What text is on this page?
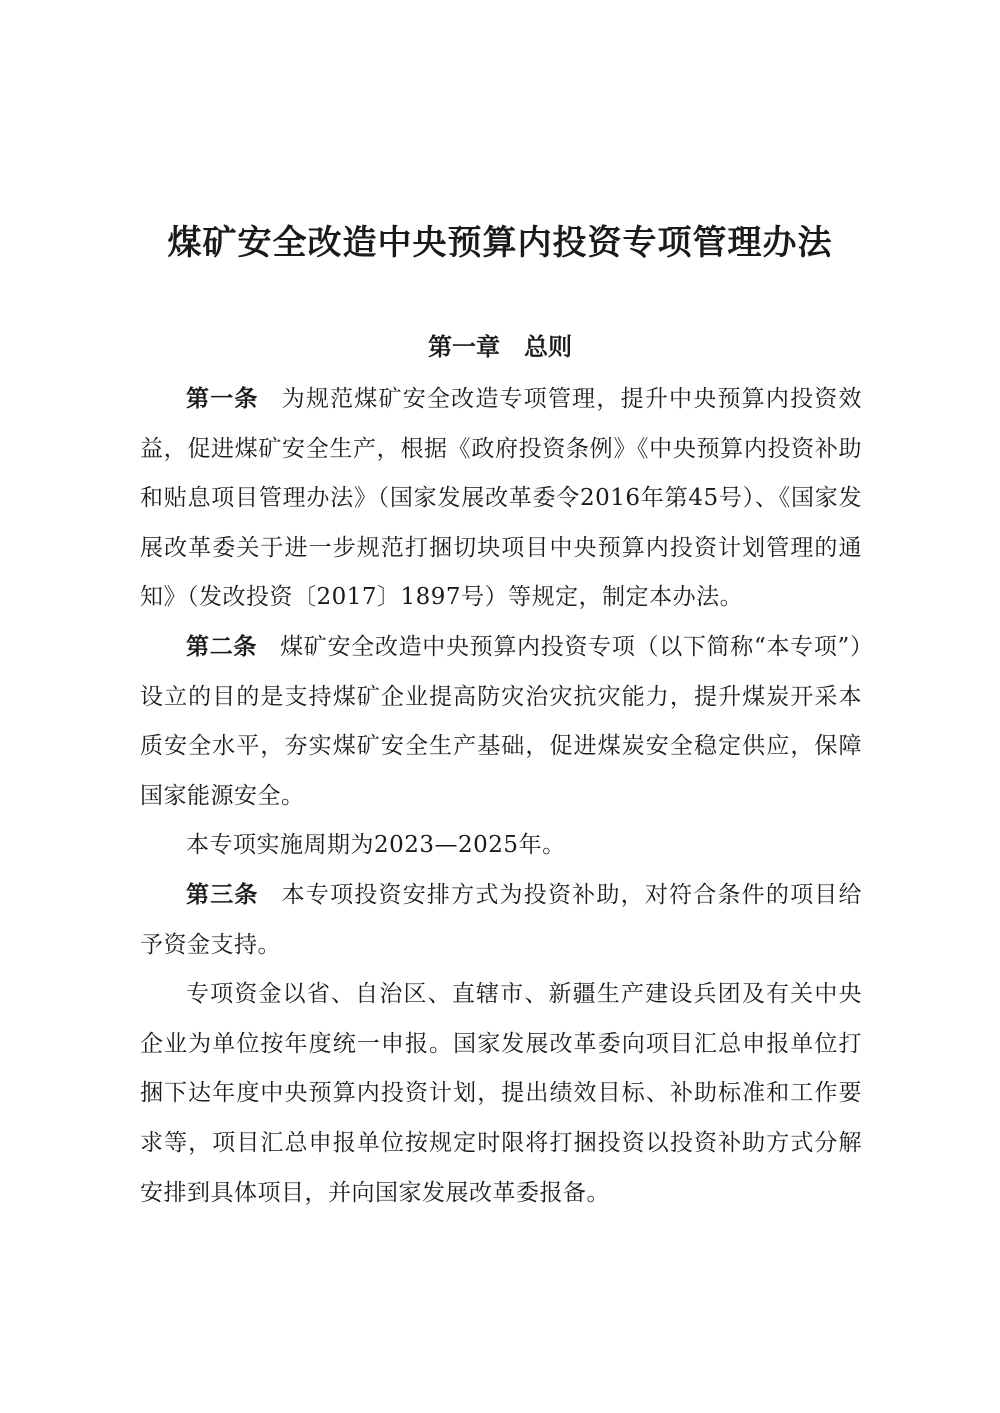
煤矿安全改造中央预算内投资专项管理办法
第一章　总则

第一条 为规范煤矿安全改造专项管理，提升中央预算内投资效益，促进煤矿安全生产，根据《政府投资条例》《中央预算内投资补助和贴息项目管理办法》（国家发展改革委令2016年第45号）、《国家发展改革委关于进一步规范打捆切块项目中央预算内投资计划管理的通知》（发改投资〔2017〕1897号）等规定，制定本办法。

第二条 煤矿安全改造中央预算内投资专项（以下简称“本专项”）设立的目的是支持煤矿企业提高防灾治灾抗灾能力，提升煤炭开采本质安全水平，夯实煤矿安全生产基础，促进煤炭安全稳定供应，保障国家能源安全。

本专项实施周期为2023—2025年。

第三条 本专项投资安排方式为投资补助，对符合条件的项目给予资金支持。

专项资金以省、自治区、直辖市、新疆生产建设兵团及有关中央企业为单位按年度统一申报。国家发展改革委向项目汇总申报单位打捆下达年度中央预算内投资计划，提出绩效目标、补助标准和工作要求等，项目汇总申报单位按规定时限将打捆投资以投资补助方式分解安排到具体项目，并向国家发展改革委报备。
